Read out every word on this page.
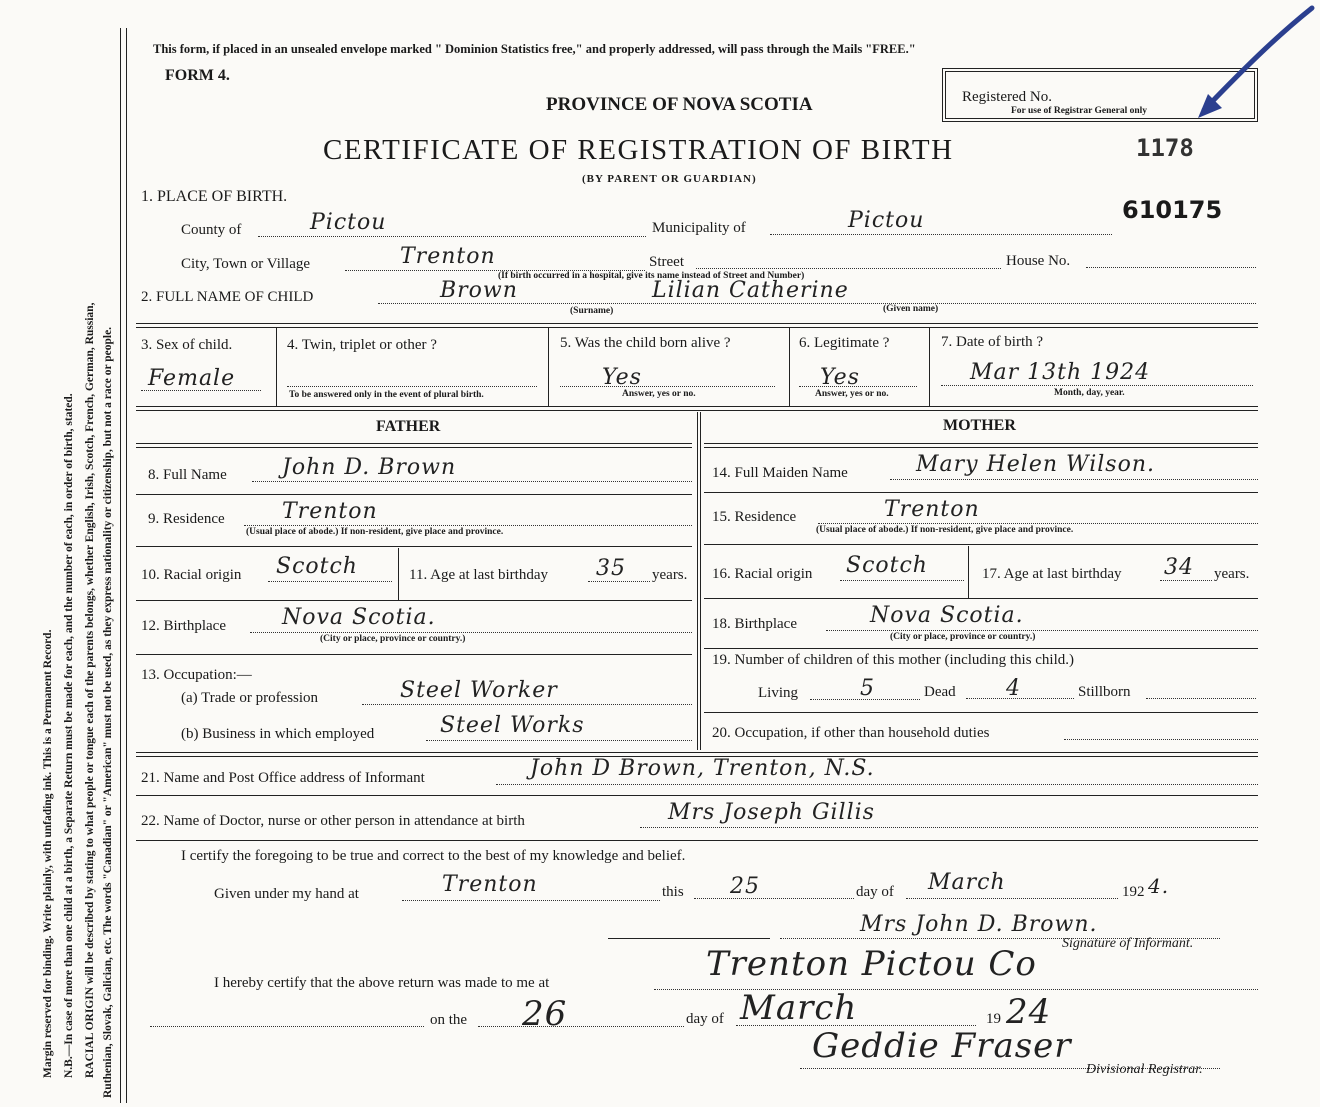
Margin reserved for binding. Write plainly, with unfading ink. This is a Permanent Record. N.B.—In case of more than one child at a birth, a Separate Return must be made for each, and the number of each, in order of birth, stated. RACIAL ORIGIN will be described by stating to what people or tongue each of the parents belongs, whether English, Irish, Scotch, French, German, Russian, Ruthenian, Slovak, Galician, etc. The words "Canadian" or "American" must not be used, as they express nationality or citizenship, but not a race or people.
This form, if placed in an unsealed envelope marked " Dominion Statistics free," and properly addressed, will pass through the Mails "FREE."
FORM 4.
PROVINCE OF NOVA SCOTIA
CERTIFICATE OF REGISTRATION OF BIRTH
(BY PARENT OR GUARDIAN)
Registered No.
For use of Registrar General only
1178
610175
1. PLACE OF BIRTH.
County of	Pictou	Municipality of	Pictou
City, Town or Village	Trenton	Street	House No.
(If birth occurred in a hospital, give its name instead of Street and Number)
2. FULL NAME OF CHILD	Brown	Lilian Catherine
(Surname)	(Given name)
3. Sex of child.
Female
4. Twin, triplet or other ?
To be answered only in the event of plural birth.
5. Was the child born alive ?
Yes
Answer, yes or no.
6. Legitimate ?
Yes
Answer, yes or no.
7. Date of birth ?
Mar 13th 1924
Month, day, year.
FATHER	MOTHER
8. Full Name	John D. Brown
9. Residence	Trenton
(Usual place of abode.) If non-resident, give place and province.
10. Racial origin Scotch	11. Age at last birthday 35 years.
12. Birthplace	Nova Scotia.
(City or place, province or country.)
13. Occupation:—
(a) Trade or profession	Steel Worker
(b) Business in which employed	Steel Works
14. Full Maiden Name	Mary Helen Wilson.
15. Residence	Trenton
(Usual place of abode.) If non-resident, give place and province.
16. Racial origin Scotch	17. Age at last birthday 34 years.
18. Birthplace	Nova Scotia.
(City or place, province or country.)
19. Number of children of this mother (including this child.)
Living	5	Dead 4	Stillborn
20. Occupation, if other than household duties
21. Name and Post Office address of Informant	John D Brown, Trenton, N.S.
22. Name of Doctor, nurse or other person in attendance at birth	Mrs Joseph Gillis
I certify the foregoing to be true and correct to the best of my knowledge and belief.
Given under my hand at	Trenton	this 25	day of March	192 4.
Mrs John D. Brown.
Signature of Informant.
I hereby certify that the above return was made to me at	Trenton Pictou Co
on the 26	day of March	19 24
Geddie Fraser
Divisional Registrar.
